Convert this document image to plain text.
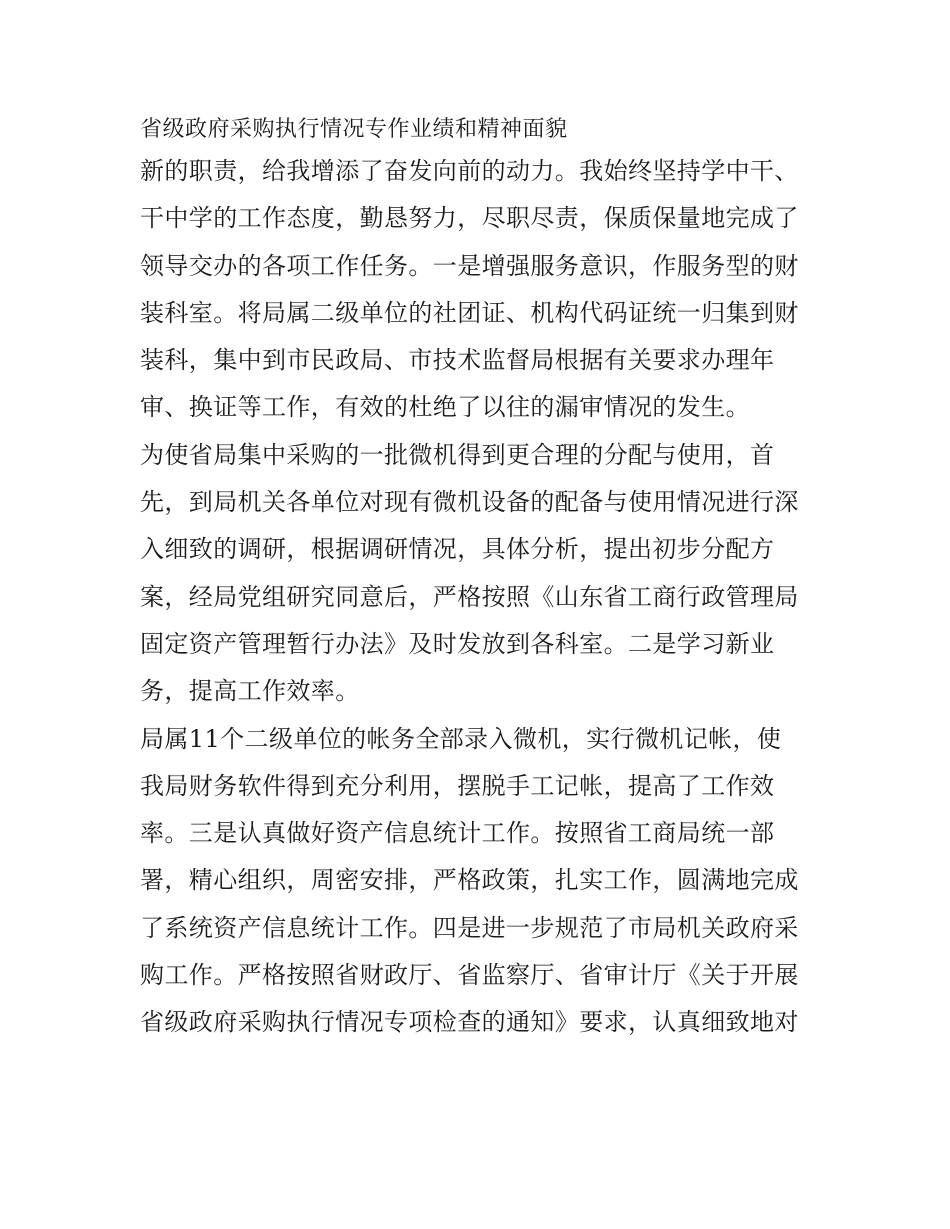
省级政府采购执行情况专作业绩和精神面貌
新的职责，给我增添了奋发向前的动力。我始终坚持学中干、
干中学的工作态度，勤恳努力，尽职尽责，保质保量地完成了
领导交办的各项工作任务。一是增强服务意识，作服务型的财
装科室。将局属二级单位的社团证、机构代码证统一归集到财
装科，集中到市民政局、市技术监督局根据有关要求办理年
审、换证等工作，有效的杜绝了以往的漏审情况的发生。
为使省局集中采购的一批微机得到更合理的分配与使用，首
先，到局机关各单位对现有微机设备的配备与使用情况进行深
入细致的调研，根据调研情况，具体分析，提出初步分配方
案，经局党组研究同意后，严格按照《山东省工商行政管理局
固定资产管理暂行办法》及时发放到各科室。二是学习新业
务，提高工作效率。
局属11个二级单位的帐务全部录入微机，实行微机记帐，使
我局财务软件得到充分利用，摆脱手工记帐，提高了工作效
率。三是认真做好资产信息统计工作。按照省工商局统一部
署，精心组织，周密安排，严格政策，扎实工作，圆满地完成
了系统资产信息统计工作。四是进一步规范了市局机关政府采
购工作。严格按照省财政厅、省监察厅、省审计厅《关于开展
省级政府采购执行情况专项检查的通知》要求，认真细致地对
